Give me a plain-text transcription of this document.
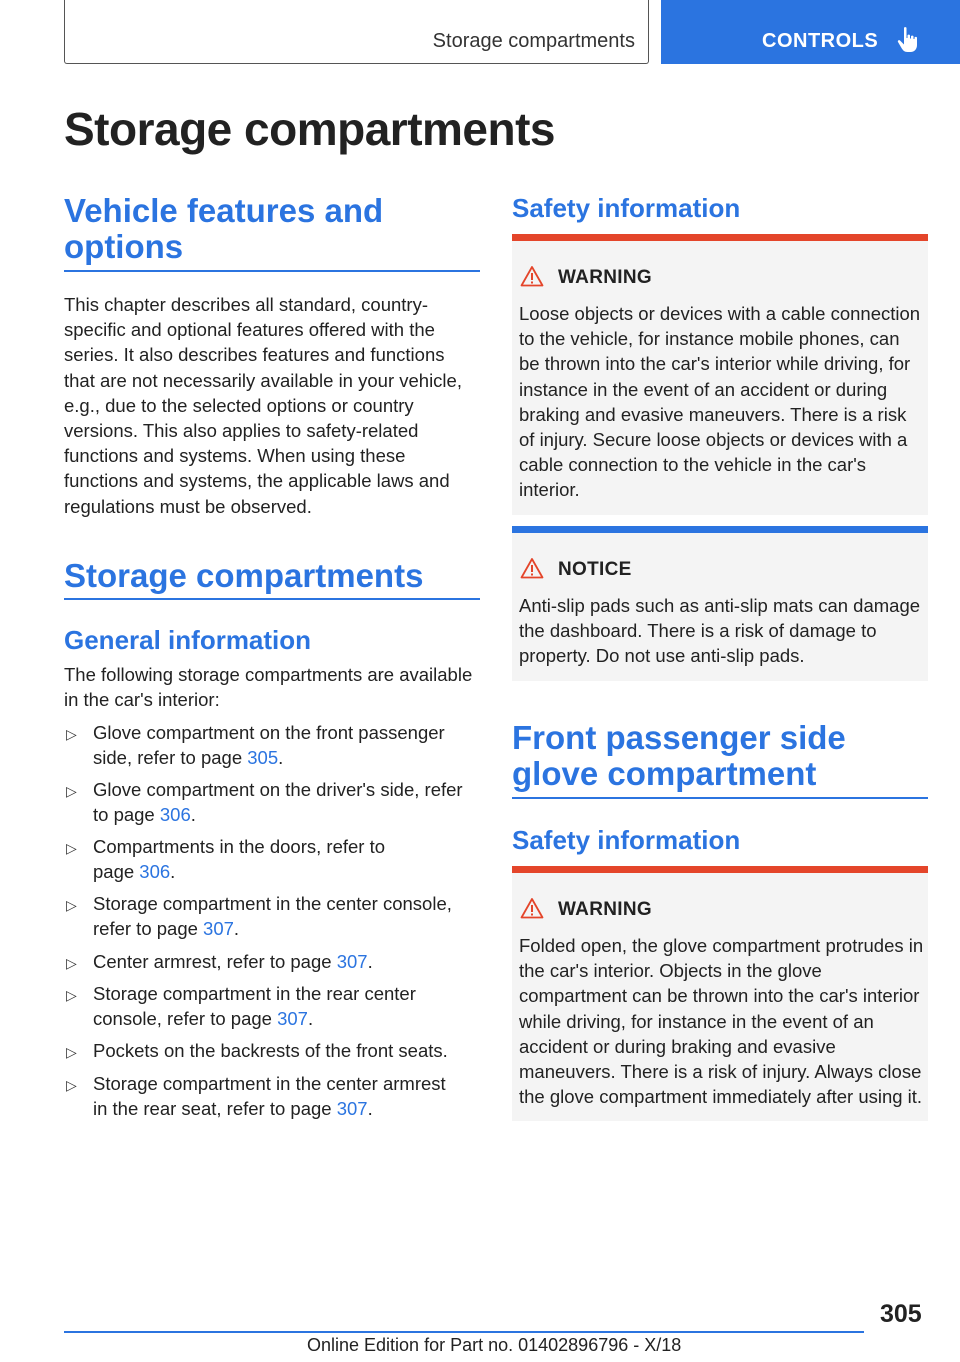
Storage compartments	CONTROLS
Storage compartments
Vehicle features and options

This chapter describes all standard, country-specific and optional features offered with the series. It also describes features and functions that are not necessarily available in your vehicle, e.g., due to the selected options or country versions. This also applies to safety-related functions and systems. When using these functions and systems, the applicable laws and regulations must be observed.

Storage compartments
General information

The following storage compartments are available in the car's interior:

▷ Glove compartment on the front passenger side, refer to page 305.
▷ Glove compartment on the driver's side, refer to page 306.
▷ Compartments in the doors, refer to page 306.
▷ Storage compartment in the center console, refer to page 307.
▷ Center armrest, refer to page 307.
▷ Storage compartment in the rear center console, refer to page 307.
▷ Pockets on the backrests of the front seats.
▷ Storage compartment in the center armrest in the rear seat, refer to page 307.
Safety information
WARNING

Loose objects or devices with a cable connection to the vehicle, for instance mobile phones, can be thrown into the car's interior while driving, for instance in the event of an accident or during braking and evasive maneuvers. There is a risk of injury. Secure loose objects or devices with a cable connection to the vehicle in the car's interior.

NOTICE

Anti-slip pads such as anti-slip mats can damage the dashboard. There is a risk of damage to property. Do not use anti-slip pads.

Front passenger side glove compartment
Safety information
WARNING

Folded open, the glove compartment protrudes in the car's interior. Objects in the glove compartment can be thrown into the car's interior while driving, for instance in the event of an accident or during braking and evasive maneuvers. There is a risk of injury. Always close the glove compartment immediately after using it.

305
Online Edition for Part no. 01402896796 - X/18
